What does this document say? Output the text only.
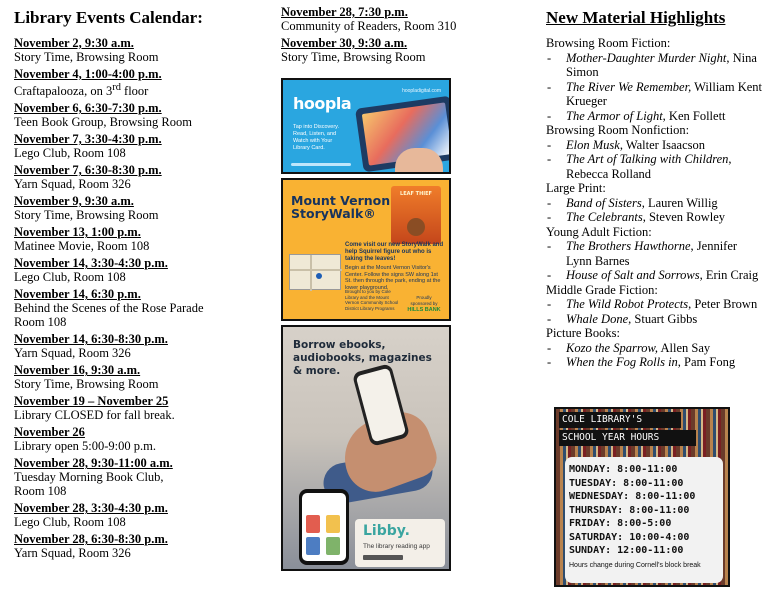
Library Events Calendar:
November 2, 9:30 a.m.
Story Time, Browsing Room
November 4, 1:00-4:00 p.m.
Craftapalooza, on 3rd floor
November 6, 6:30-7:30 p.m.
Teen Book Group, Browsing Room
November 7, 3:30-4:30 p.m.
Lego Club, Room 108
November 7, 6:30-8:30 p.m.
Yarn Squad, Room 326
November 9, 9:30 a.m.
Story Time, Browsing Room
November 13, 1:00 p.m.
Matinee Movie, Room 108
November 14, 3:30-4:30 p.m.
Lego Club, Room 108
November 14, 6:30 p.m.
Behind the Scenes of the Rose Parade
Room 108
November 14, 6:30-8:30 p.m.
Yarn Squad, Room 326
November 16, 9:30 a.m.
Story Time, Browsing Room
November 19 – November 25
Library CLOSED for fall break.
November 26
Library open 5:00-9:00 p.m.
November 28, 9:30-11:00 a.m.
Tuesday Morning Book Club,
Room 108
November 28, 3:30-4:30 p.m.
Lego Club, Room 108
November 28, 6:30-8:30 p.m.
Yarn Squad, Room 326
November 28, 7:30 p.m.
Community of Readers, Room 310
November 30, 9:30 a.m.
Story Time, Browsing Room
hoopla
hoopladigital.com
Tap into Discovery. Read, Listen, and Watch with Your Library Card.
Mount Vernon StoryWalk®
LEAF THIEF
Come visit our new StoryWalk and help Squirrel figure out who is taking the leaves!
Begin at the Mount Vernon Visitor's Center. Follow the signs SW along 1st St. then through the park, ending at the lower playground.
Brought to you by Cole Library and the Mount Vernon Community School District Library Programs
Proudly sponsored by
HILLS BANK
Borrow ebooks, audiobooks, magazines & more.
Libby.
The library reading app
New Material Highlights
Browsing Room Fiction:
-	Mother-Daughter Murder Night, Nina Simon
-	The River We Remember, William Kent Krueger
-	The Armor of Light, Ken Follett
Browsing Room Nonfiction:
-	Elon Musk, Walter Isaacson
-	The Art of Talking with Children, Rebecca Rolland
Large Print:
-	Band of Sisters, Lauren Willig
-	The Celebrants, Steven Rowley
Young Adult Fiction:
-	The Brothers Hawthorne, Jennifer Lynn Barnes
-	House of Salt and Sorrows, Erin Craig
Middle Grade Fiction:
-	The Wild Robot Protects, Peter Brown
-	Whale Done, Stuart Gibbs
Picture Books:
-	Kozo the Sparrow, Allen Say
-	When the Fog Rolls in, Pam Fong
COLE LIBRARY'S
SCHOOL YEAR HOURS
MONDAY: 8:00-11:00
TUESDAY: 8:00-11:00
WEDNESDAY: 8:00-11:00
THURSDAY: 8:00-11:00
FRIDAY: 8:00-5:00
SATURDAY: 10:00-4:00
SUNDAY: 12:00-11:00
Hours change during Cornell's block break
